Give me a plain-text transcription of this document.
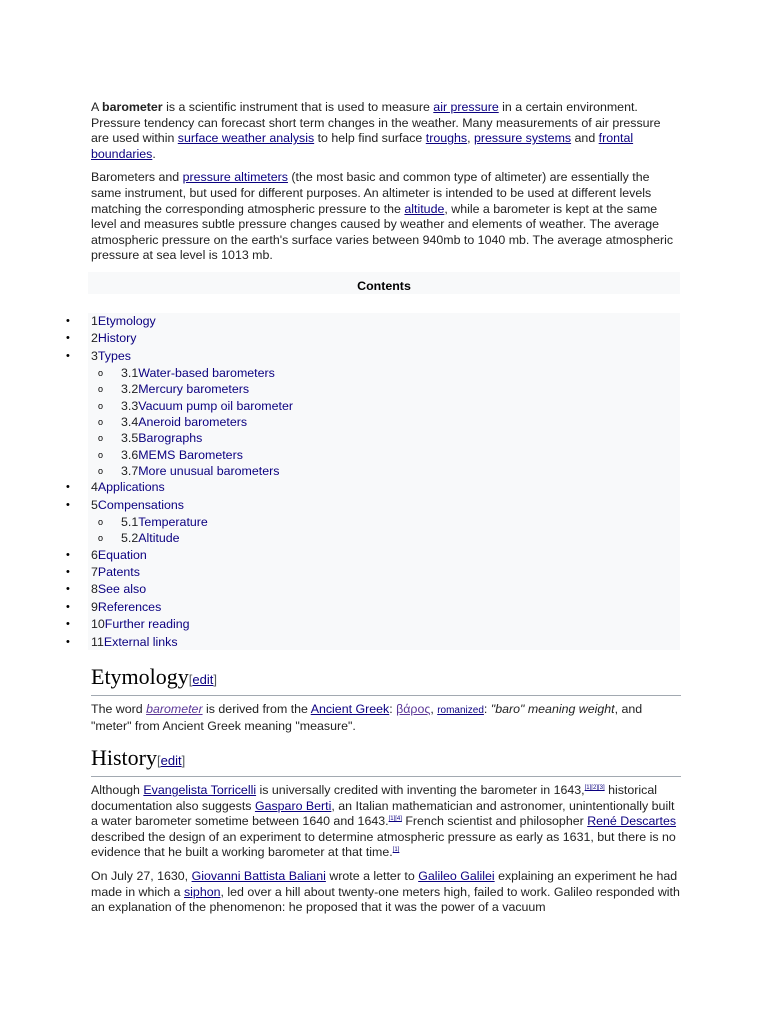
A barometer is a scientific instrument that is used to measure air pressure in a certain environment. Pressure tendency can forecast short term changes in the weather. Many measurements of air pressure are used within surface weather analysis to help find surface troughs, pressure systems and frontal boundaries.

Barometers and pressure altimeters (the most basic and common type of altimeter) are essentially the same instrument, but used for different purposes. An altimeter is intended to be used at different levels matching the corresponding atmospheric pressure to the altitude, while a barometer is kept at the same level and measures subtle pressure changes caused by weather and elements of weather. The average atmospheric pressure on the earth's surface varies between 940mb to 1040 mb. The average atmospheric pressure at sea level is 1013 mb.

Contents
• 1Etymology
• 2History
• 3Types
o 3.1Water-based barometers
o 3.2Mercury barometers
o 3.3Vacuum pump oil barometer
o 3.4Aneroid barometers
o 3.5Barographs
o 3.6MEMS Barometers
o 3.7More unusual barometers
• 4Applications
• 5Compensations
o 5.1Temperature
o 5.2Altitude
• 6Equation
• 7Patents
• 8See also
• 9References
• 10Further reading
• 11External links
Etymology[edit]

The word barometer is derived from the Ancient Greek: βάρος, romanized: "baro" meaning weight, and "meter" from Ancient Greek meaning "measure".

History[edit]

Although Evangelista Torricelli is universally credited with inventing the barometer in 1643,[1][2][3] historical documentation also suggests Gasparo Berti, an Italian mathematician and astronomer, unintentionally built a water barometer sometime between 1640 and 1643.[1][4] French scientist and philosopher René Descartes described the design of an experiment to determine atmospheric pressure as early as 1631, but there is no evidence that he built a working barometer at that time.[1]

On July 27, 1630, Giovanni Battista Baliani wrote a letter to Galileo Galilei explaining an experiment he had made in which a siphon, led over a hill about twenty-one meters high, failed to work. Galileo responded with an explanation of the phenomenon: he proposed that it was the power of a vacuum
